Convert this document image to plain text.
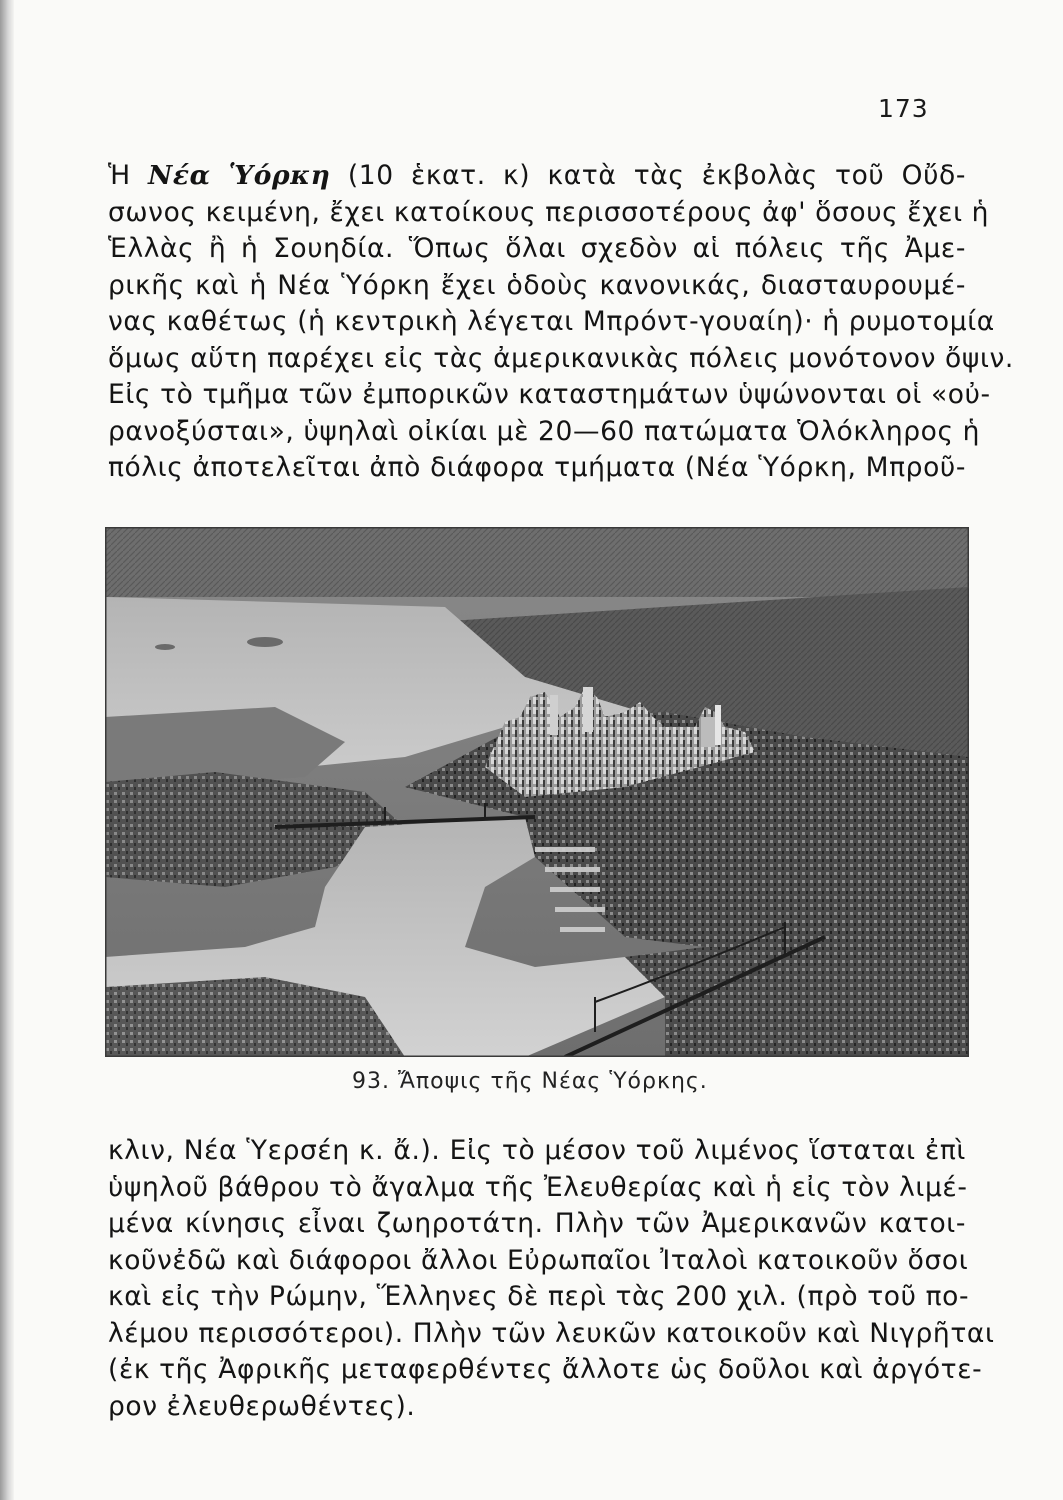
173
Ἡ Νέα Ὑόρκη (10 ἑκατ. κ) κατὰ τὰς ἐκβολὰς τοῦ Οὔδ-
σωνος κειμένη, ἔχει κατοίκους περισσοτέρους ἀφ' ὅσους ἔχει ἡ
Ἑλλὰς ἢ ἡ Σουηδία. Ὅπως ὅλαι σχεδὸν αἱ πόλεις τῆς Ἀμε-
ρικῆς καὶ ἡ Νέα Ὑόρκη ἔχει ὁδοὺς κανονικάς, διασταυρουμέ-
νας καθέτως (ἡ κεντρικὴ λέγεται Μπρόντ-γουαίη)· ἡ ρυμοτομία
ὅμως αὕτη παρέχει εἰς τὰς ἀμερικανικὰς πόλεις μονότονον ὄψιν.
Εἰς τὸ τμῆμα τῶν ἐμπορικῶν καταστημάτων ὑψώνονται οἱ «οὐ-
ρανοξύσται», ὑψηλαὶ οἰκίαι μὲ 20—60 πατώματα Ὁλόκληρος ἡ
πόλις ἀποτελεῖται ἀπὸ διάφορα τμήματα (Νέα Ὑόρκη, Μπροῦ-
93. Ἄποψις τῆς Νέας Ὑόρκης.
κλιν, Νέα Ὑερσέη κ. ἄ.). Εἰς τὸ μέσον τοῦ λιμένος ἵσταται ἐπὶ
ὑψηλοῦ βάθρου τὸ ἄγαλμα τῆς Ἐλευθερίας καὶ ἡ εἰς τὸν λιμέ-
μένα κίνησις εἶναι ζωηροτάτη. Πλὴν τῶν Ἀμερικανῶν κατοι-
κοῦνἐδῶ καὶ διάφοροι ἄλλοι Εὐρωπαῖοι Ἰταλοὶ κατοικοῦν ὅσοι
καὶ εἰς τὴν Ρώμην, Ἕλληνες δὲ περὶ τὰς 200 χιλ. (πρὸ τοῦ πο-
λέμου περισσότεροι). Πλὴν τῶν λευκῶν κατοικοῦν καὶ Νιγρῆται
(ἐκ τῆς Ἀφρικῆς μεταφερθέντες ἄλλοτε ὡς δοῦλοι καὶ ἀργότε-
ρον ἐλευθερωθέντες).
